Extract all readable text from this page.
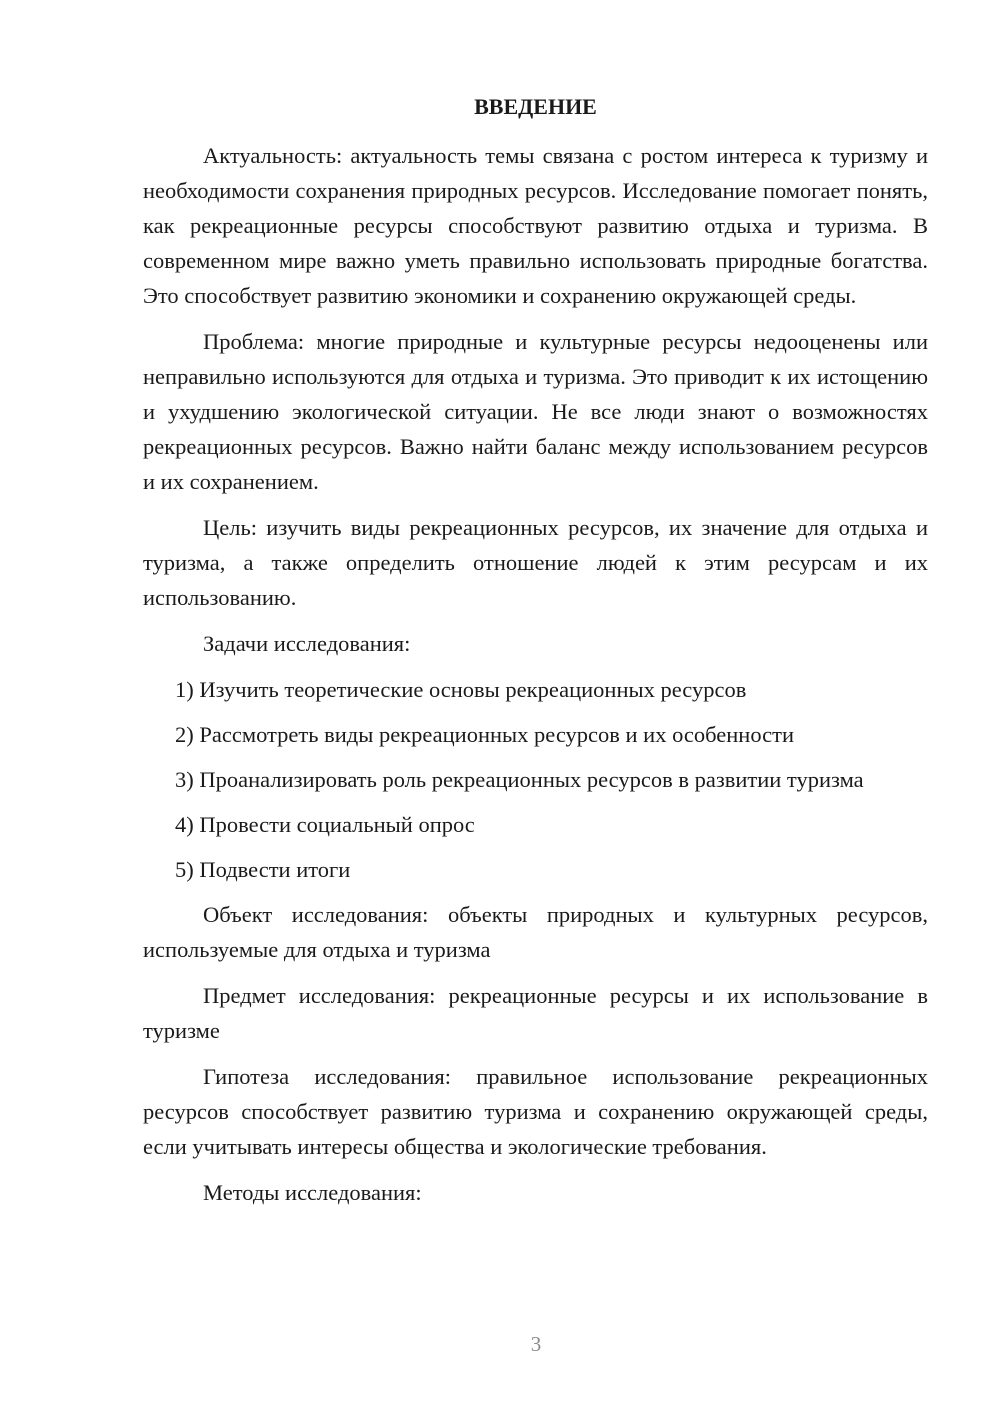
ВВЕДЕНИЕ

Актуальность: актуальность темы связана с ростом интереса к туризму и необходимости сохранения природных ресурсов. Исследование помогает понять, как рекреационные ресурсы способствуют развитию отдыха и туризма. В современном мире важно уметь правильно использовать природные богатства. Это способствует развитию экономики и сохранению окружающей среды.

Проблема: многие природные и культурные ресурсы недооценены или неправильно используются для отдыха и туризма. Это приводит к их истощению и ухудшению экологической ситуации. Не все люди знают о возможностях рекреационных ресурсов. Важно найти баланс между использованием ресурсов и их сохранением.

Цель: изучить виды рекреационных ресурсов, их значение для отдыха и туризма, а также определить отношение людей к этим ресурсам и их использованию.

Задачи исследования:

1) Изучить теоретические основы рекреационных ресурсов

2) Рассмотреть виды рекреационных ресурсов и их особенности

3) Проанализировать роль рекреационных ресурсов в развитии туризма

4) Провести социальный опрос

5) Подвести итоги

Объект исследования: объекты природных и культурных ресурсов, используемые для отдыха и туризма

Предмет исследования: рекреационные ресурсы и их использование в туризме

Гипотеза исследования: правильное использование рекреационных ресурсов способствует развитию туризма и сохранению окружающей среды, если учитывать интересы общества и экологические требования.

Методы исследования:

3
